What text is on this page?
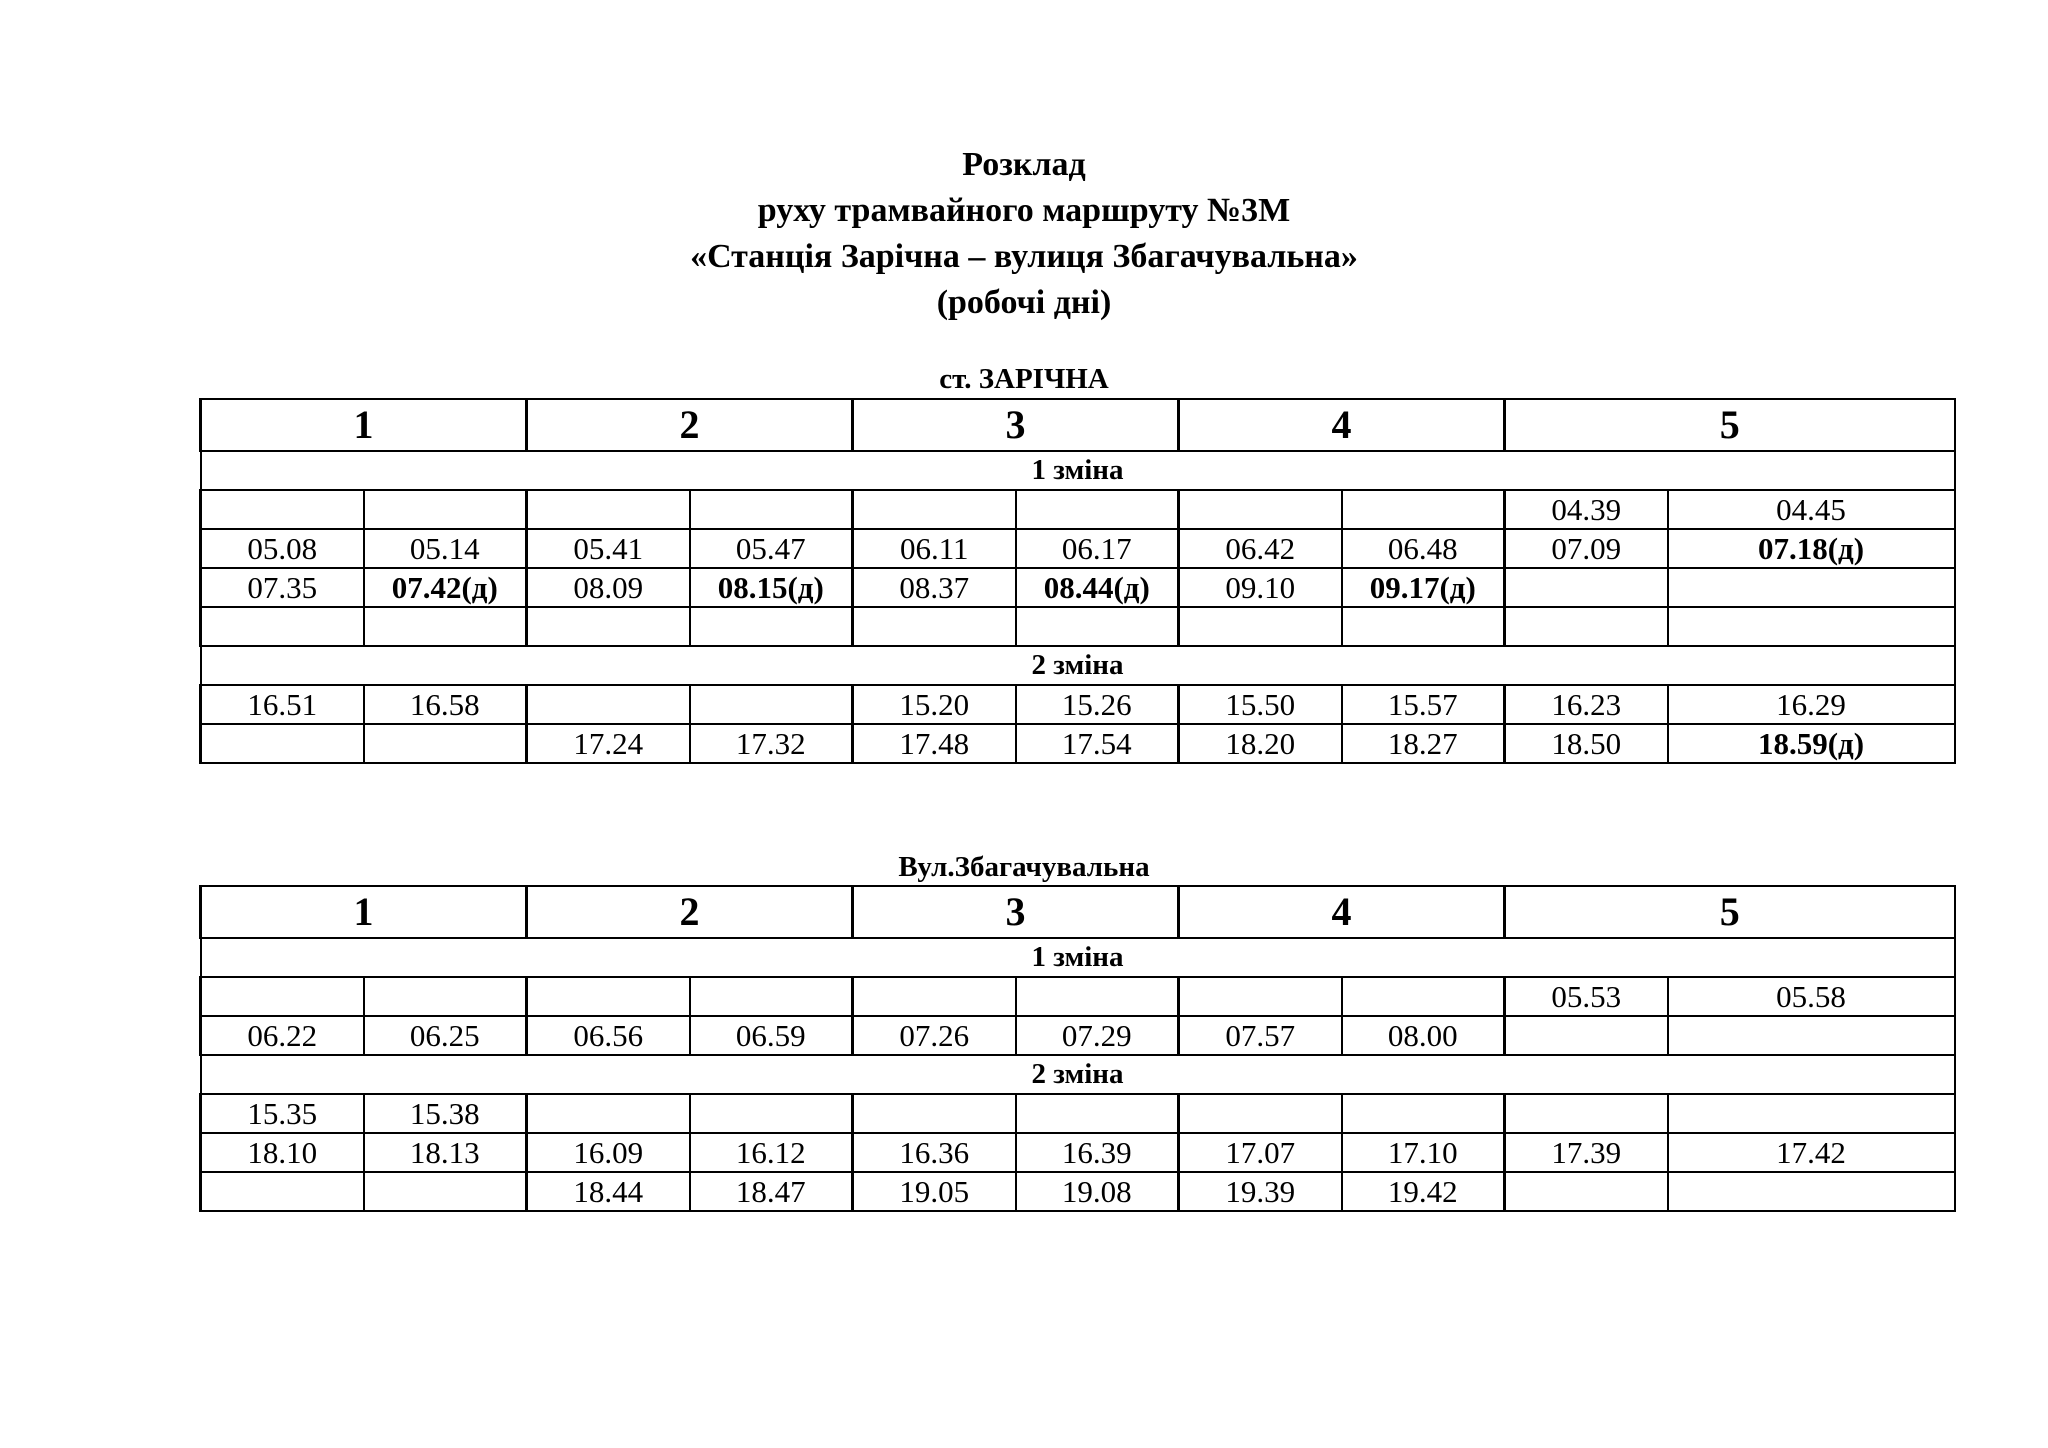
Розклад
руху трамвайного маршруту №3М
«Станція Зарічна – вулиця Збагачувальна»
(робочі дні)
ст. ЗАРІЧНА
1		2		3		4		5	
1 зміна									
								04.39	04.45
05.08	05.14	05.41	05.47	06.11	06.17	06.42	06.48	07.09	07.18(д)
07.35	07.42(д)	08.09	08.15(д)	08.37	08.44(д)	09.10	09.17(д)		

2 зміна									
16.51	16.58			15.20	15.26	15.50	15.57	16.23	16.29
		17.24	17.32	17.48	17.54	18.20	18.27	18.50	18.59(д)
Вул.Збагачувальна
1		2		3		4		5	
1 зміна									
								05.53	05.58
06.22	06.25	06.56	06.59	07.26	07.29	07.57	08.00		
2 зміна									
15.35	15.38								
18.10	18.13	16.09	16.12	16.36	16.39	17.07	17.10	17.39	17.42
		18.44	18.47	19.05	19.08	19.39	19.42		
